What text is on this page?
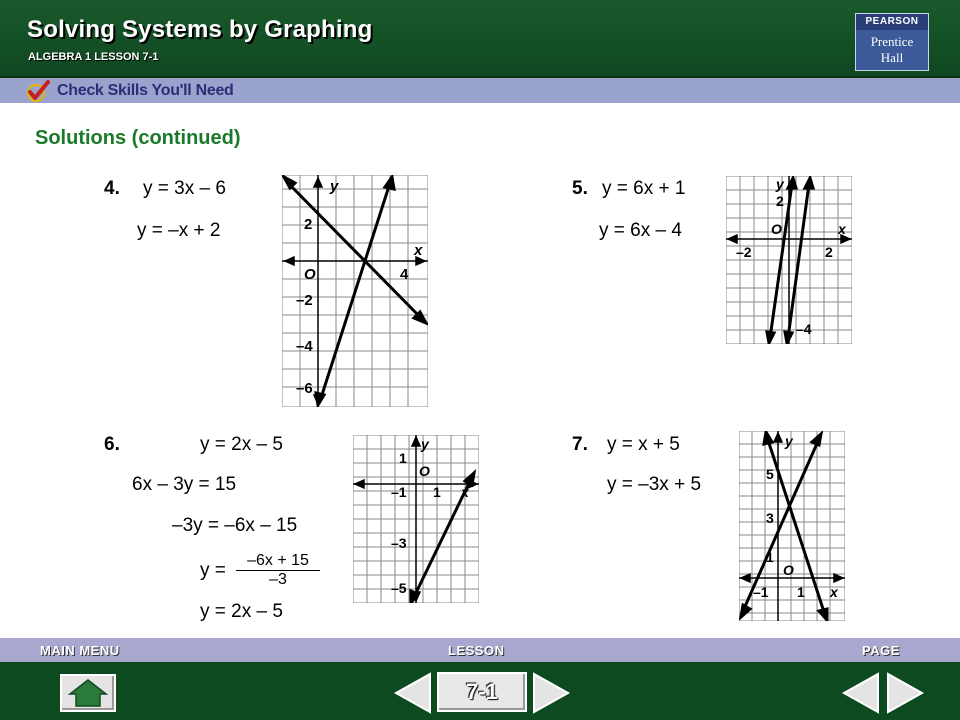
Solving Systems by Graphing
ALGEBRA 1 LESSON 7-1
PEARSON
Prentice
Hall
Check Skills You'll Need
Solutions (continued)
4. y = 3x – 6
y = –x + 2
5. y = 6x + 1
y = 6x – 4
6.	y = 2x – 5
6x – 3y = 15
–3y = –6x – 15
$y = \frac{-6x + 15}{-3}$
y = 2x – 5
7. y = x + 5
y = –3x + 5
y
x
2
O	4
–2
–4
–6
y
x
2
O
–2	2
–4
y
x
1
O
–1 1
–3
–5
y
x
5
3
1
O
–1 1
MAIN MENU	LESSON	PAGE
7-1
